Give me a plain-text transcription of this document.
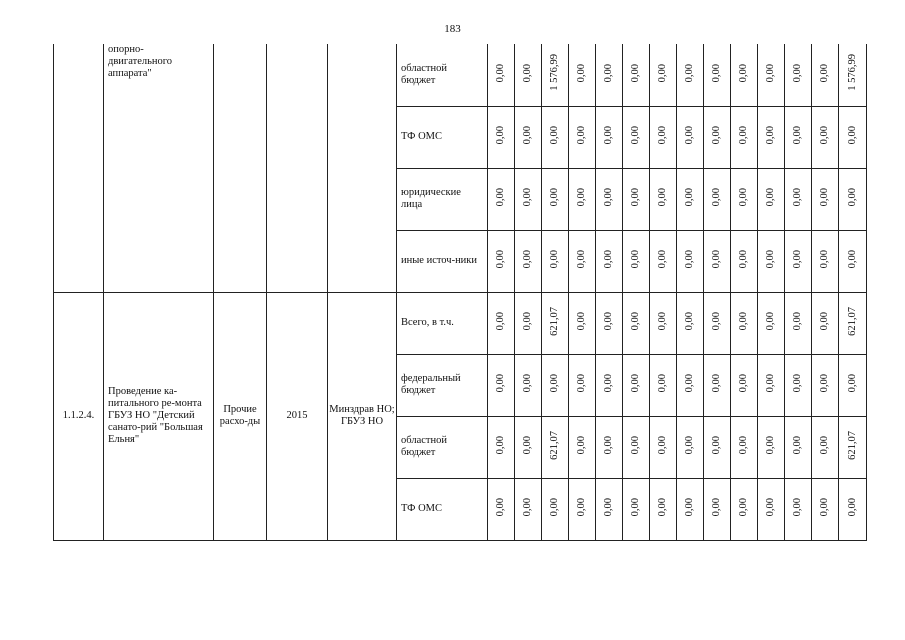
183
	опорно-
двигательного
аппарата"				областной бюджет	0,00	0,00	1 576,99	0,00	0,00	0,00	0,00	0,00	0,00	0,00	0,00	0,00	0,00	1 576,99
					ТФ ОМС	0,00	0,00	0,00	0,00	0,00	0,00	0,00	0,00	0,00	0,00	0,00	0,00	0,00	0,00
					юридические лица	0,00	0,00	0,00	0,00	0,00	0,00	0,00	0,00	0,00	0,00	0,00	0,00	0,00	0,00
					иные источ-ники	0,00	0,00	0,00	0,00	0,00	0,00	0,00	0,00	0,00	0,00	0,00	0,00	0,00	0,00
1.1.2.4.	Проведение ка-питального ре-монта ГБУЗ НО "Детский санато-рий "Большая Ельня"	Прочие расхо-ды	2015	Минздрав НО; ГБУЗ НО	Всего, в т.ч.	0,00	0,00	621,07	0,00	0,00	0,00	0,00	0,00	0,00	0,00	0,00	0,00	0,00	621,07
					федеральный бюджет	0,00	0,00	0,00	0,00	0,00	0,00	0,00	0,00	0,00	0,00	0,00	0,00	0,00	0,00
					областной бюджет	0,00	0,00	621,07	0,00	0,00	0,00	0,00	0,00	0,00	0,00	0,00	0,00	0,00	621,07
					ТФ ОМС	0,00	0,00	0,00	0,00	0,00	0,00	0,00	0,00	0,00	0,00	0,00	0,00	0,00	0,00
